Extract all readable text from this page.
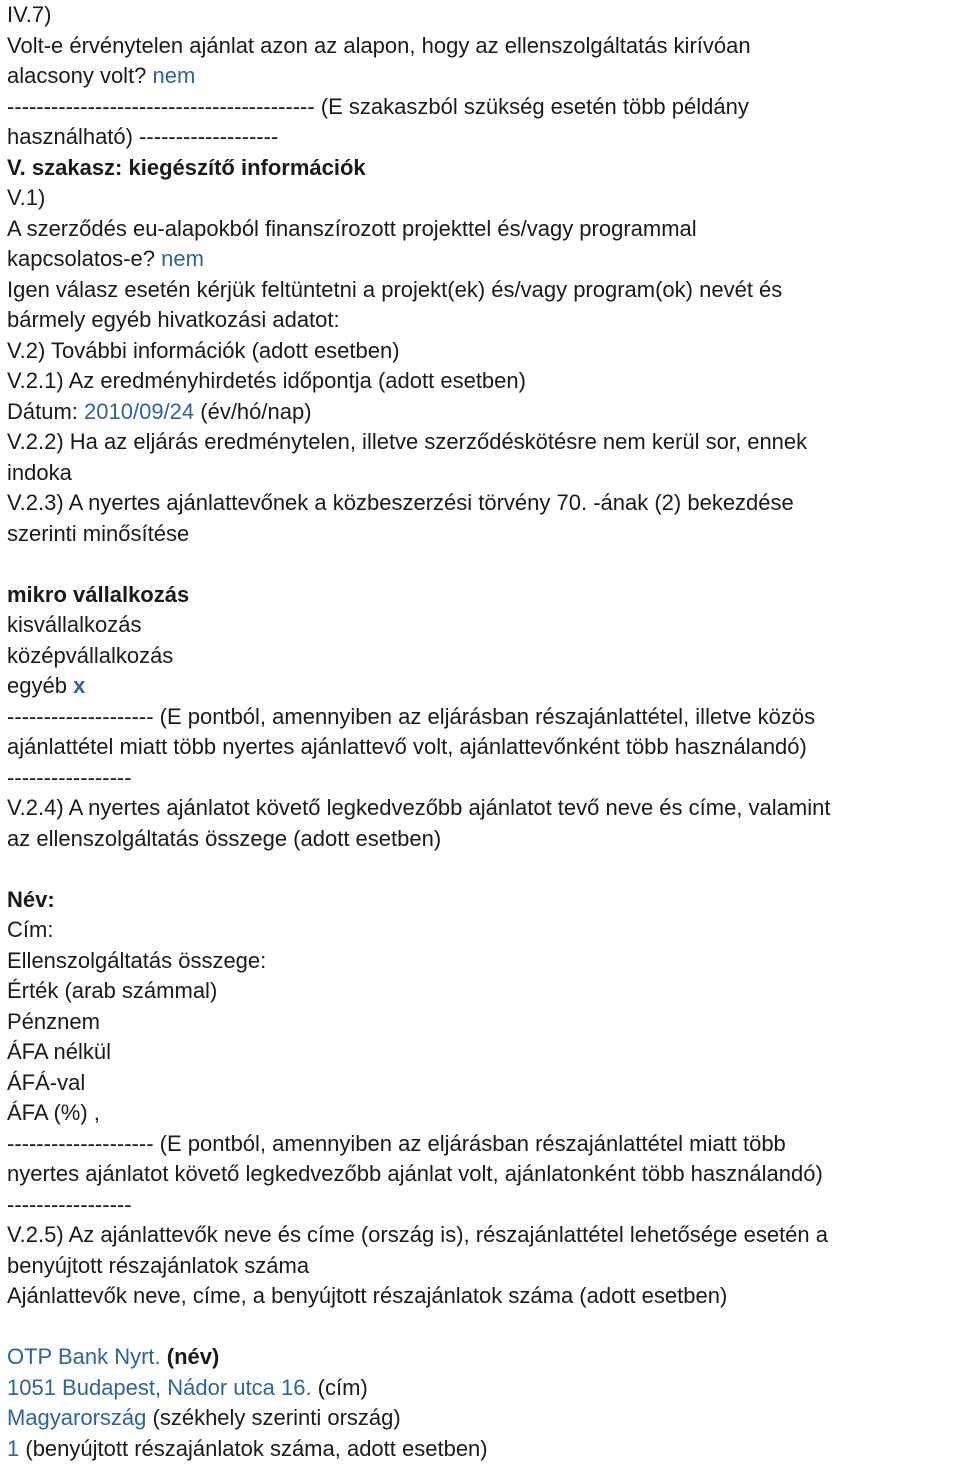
IV.7)
Volt-e érvénytelen ajánlat azon az alapon, hogy az ellenszolgáltatás kirívóan
alacsony volt? nem
------------------------------------------ (E szakaszból szükség esetén több példány
használható) -------------------
V. szakasz: kiegészítő információk
V.1)
A szerződés eu-alapokból finanszírozott projekttel és/vagy programmal
kapcsolatos-e? nem
Igen válasz esetén kérjük feltüntetni a projekt(ek) és/vagy program(ok) nevét és
bármely egyéb hivatkozási adatot:
V.2) További információk (adott esetben)
V.2.1) Az eredményhirdetés időpontja (adott esetben)
Dátum: 2010/09/24 (év/hó/nap)
V.2.2) Ha az eljárás eredménytelen, illetve szerződéskötésre nem kerül sor, ennek
indoka
V.2.3) A nyertes ajánlattevőnek a közbeszerzési törvény 70. -ának (2) bekezdése
szerinti minősítése
mikro vállalkozás
kisvállalkozás
középvállalkozás
egyéb x
-------------------- (E pontból, amennyiben az eljárásban részajánlattétel, illetve közös
ajánlattétel miatt több nyertes ajánlattevő volt, ajánlattevőnként több használandó)
-----------------
V.2.4) A nyertes ajánlatot követő legkedvezőbb ajánlatot tevő neve és címe, valamint
az ellenszolgáltatás összege (adott esetben)
Név:
Cím:
Ellenszolgáltatás összege:
Érték (arab számmal)
Pénznem
ÁFA nélkül
ÁFÁ-val
ÁFA (%) ,
-------------------- (E pontból, amennyiben az eljárásban részajánlattétel miatt több
nyertes ajánlatot követő legkedvezőbb ajánlat volt, ajánlatonként több használandó)
-----------------
V.2.5) Az ajánlattevők neve és címe (ország is), részajánlattétel lehetősége esetén a
benyújtott részajánlatok száma
Ajánlattevők neve, címe, a benyújtott részajánlatok száma (adott esetben)
OTP Bank Nyrt. (név)
1051 Budapest, Nádor utca 16. (cím)
Magyarország (székhely szerinti ország)
1 (benyújtott részajánlatok száma, adott esetben)
